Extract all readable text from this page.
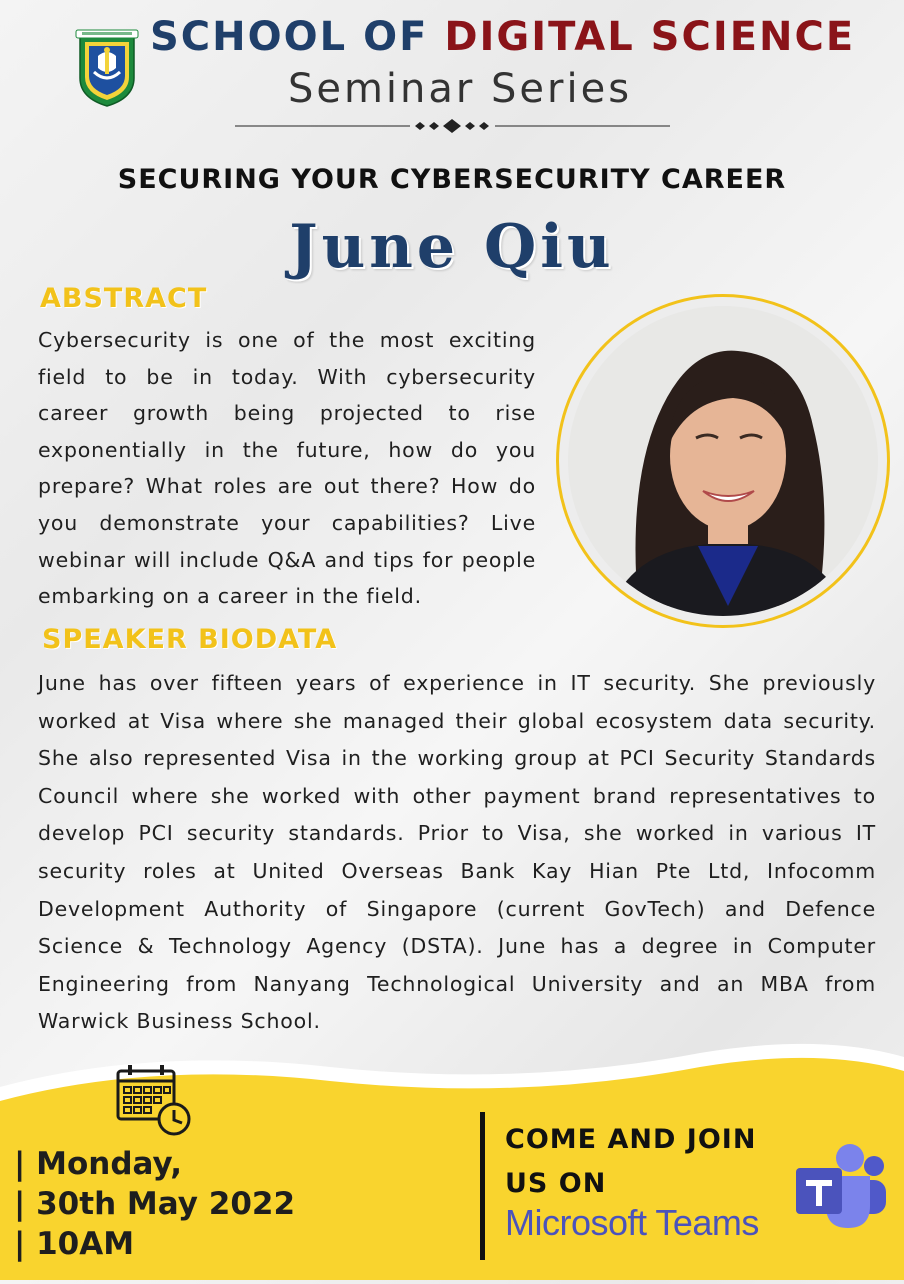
SCHOOL OF DIGITAL SCIENCE
Seminar Series
SECURING YOUR CYBERSECURITY CAREER
June Qiu
ABSTRACT
Cybersecurity is one of the most exciting field to be in today. With cybersecurity career growth being projected to rise exponentially in the future, how do you prepare? What roles are out there? How do you demonstrate your capabilities? Live webinar will include Q&A and tips for people embarking on a career in the field.
SPEAKER BIODATA
June has over fifteen years of experience in IT security. She previously worked at Visa where she managed their global ecosystem data security. She also represented Visa in the working group at PCI Security Standards Council where she worked with other payment brand representatives to develop PCI security standards. Prior to Visa, she worked in various IT security roles at United Overseas Bank Kay Hian Pte Ltd, Infocomm Development Authority of Singapore (current GovTech) and Defence Science & Technology Agency (DSTA). June has a degree in Computer Engineering from Nanyang Technological University and an MBA from Warwick Business School.
| Monday,
| 30th May 2022
| 10AM
COME AND JOIN
US ON
Microsoft Teams
